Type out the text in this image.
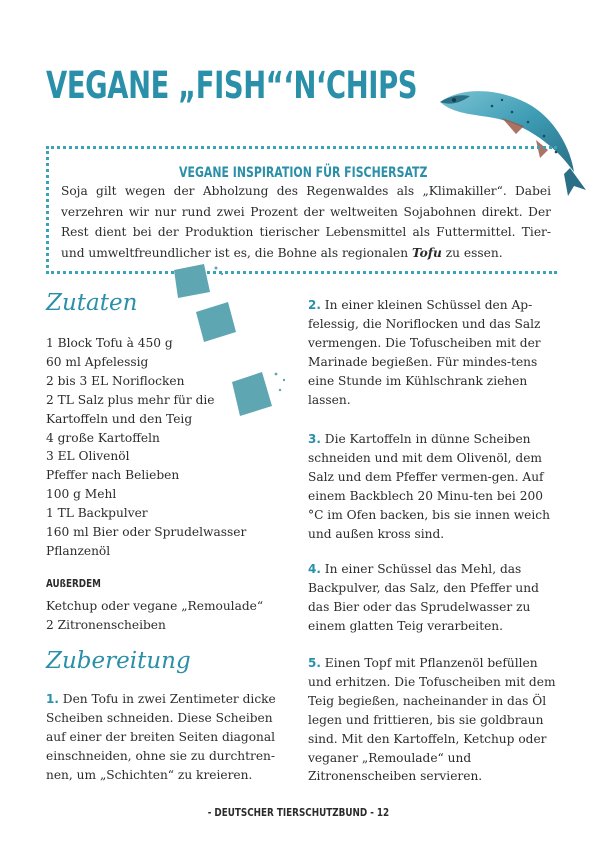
VEGANE „FISH“‘N‘CHIPS
VEGANE INSPIRATION FÜR FISCHERSATZ
Soja gilt wegen der Abholzung des Regenwaldes als „Klimakiller“. Dabei verzehren wir nur rund zwei Prozent der weltweiten Sojabohnen direkt. Der Rest dient bei der Produktion tierischer Lebensmittel als Futtermittel. Tier- und umweltfreundlicher ist es, die Bohne als regionalen Tofu zu essen.
Zutaten
1 Block Tofu à 450 g
60 ml Apfelessig
2 bis 3 EL Noriflocken
2 TL Salz plus mehr für die
Kartoffeln und den Teig
4 große Kartoffeln
3 EL Olivenöl
Pfeffer nach Belieben
100 g Mehl
1 TL Backpulver
160 ml Bier oder Sprudelwasser
Pflanzenöl
AUßERDEM
Ketchup oder vegane „Remoulade“
2 Zitronenscheiben
Zubereitung
1. Den Tofu in zwei Zentimeter dicke Scheiben schneiden. Diese Scheiben auf einer der breiten Seiten diagonal einschneiden, ohne sie zu durchtren-nen, um „Schichten“ zu kreieren.
2. In einer kleinen Schüssel den Ap-felessig, die Noriflocken und das Salz vermengen. Die Tofuscheiben mit der Marinade begießen. Für mindes-tens eine Stunde im Kühlschrank ziehen lassen.
3. Die Kartoffeln in dünne Scheiben schneiden und mit dem Olivenöl, dem Salz und dem Pfeffer vermen-gen. Auf einem Backblech 20 Minu-ten bei 200 °C im Ofen backen, bis sie innen weich und außen kross sind.
4. In einer Schüssel das Mehl, das Backpulver, das Salz, den Pfeffer und das Bier oder das Sprudelwasser zu einem glatten Teig verarbeiten.
5. Einen Topf mit Pflanzenöl befüllen und erhitzen. Die Tofuscheiben mit dem Teig begießen, nacheinander in das Öl legen und frittieren, bis sie goldbraun sind. Mit den Kartoffeln, Ketchup oder veganer „Remoulade“ und Zitronenscheiben servieren.
- DEUTSCHER TIERSCHUTZBUND - 12
